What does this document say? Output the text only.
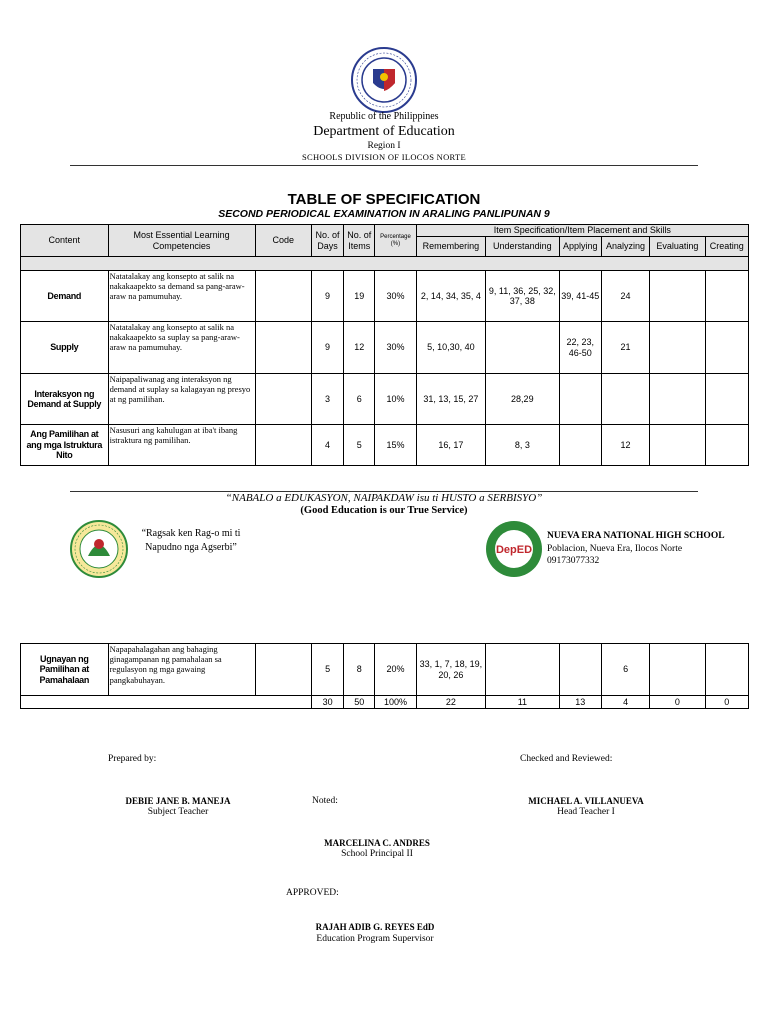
Republic of the Philippines
Department of Education
Region I
SCHOOLS DIVISION OF ILOCOS NORTE
TABLE OF SPECIFICATION
SECOND PERIODICAL EXAMINATION IN ARALING PANLIPUNAN 9
Content	Most Essential Learning Competencies	Code	No. of Days	No. of Items	Percentage (%)	Item Specification/Item Placement and Skills					
						Remembering	Understanding	Applying	Analyzing	Evaluating	Creating

Demand	Natatalakay ang konsepto at salik na nakakaapekto sa demand sa pang-araw-araw na pamumuhay.		9	19	30%	2, 14, 34, 35, 4	9, 11, 36, 25, 32, 37, 38	39, 41-45	24		
Supply	Natatalakay ang konsepto at salik na nakakaapekto sa suplay sa pang-araw-araw na pamumuhay.		9	12	30%	5, 10,30, 40		22, 23, 46-50	21		
Interaksyon ng Demand at Supply	Naipapaliwanag ang interaksyon ng demand at suplay sa kalagayan ng presyo at ng pamilihan.		3	6	10%	31, 13, 15, 27	28,29				
Ang Pamilihan at ang mga Istruktura Nito	Nasusuri ang kahulugan at iba't ibang istraktura ng pamilihan.		4	5	15%	16, 17	8, 3		12		
“NABALO a EDUKASYON, NAIPAKDAW isu ti HUSTO a SERBISYO”
(Good Education is our True Service)
“Ragsak ken Rag-o mi ti
Napudno nga Agserbi”	DepED
NUEVA ERA NATIONAL HIGH SCHOOL
Poblacion, Nueva Era, Ilocos Norte
09173077332
Ugnayan ng Pamilihan at Pamahalaan	Napapahalagahan ang bahaging ginagampanan ng pamahalaan sa regulasyon ng mga gawaing pangkabuhayan.		5	8	20%	33, 1, 7, 18, 19, 20, 26			6		
			30	50	100%	22	11	13	4	0	0
Prepared by:	Checked and Reviewed:
DEBIE JANE B. MANEJA
Subject Teacher
Noted:	MICHAEL A. VILLANUEVA
Head Teacher I
MARCELINA C. ANDRES
School Principal II
APPROVED:
RAJAH ADIB G. REYES EdD
Education Program Supervisor
